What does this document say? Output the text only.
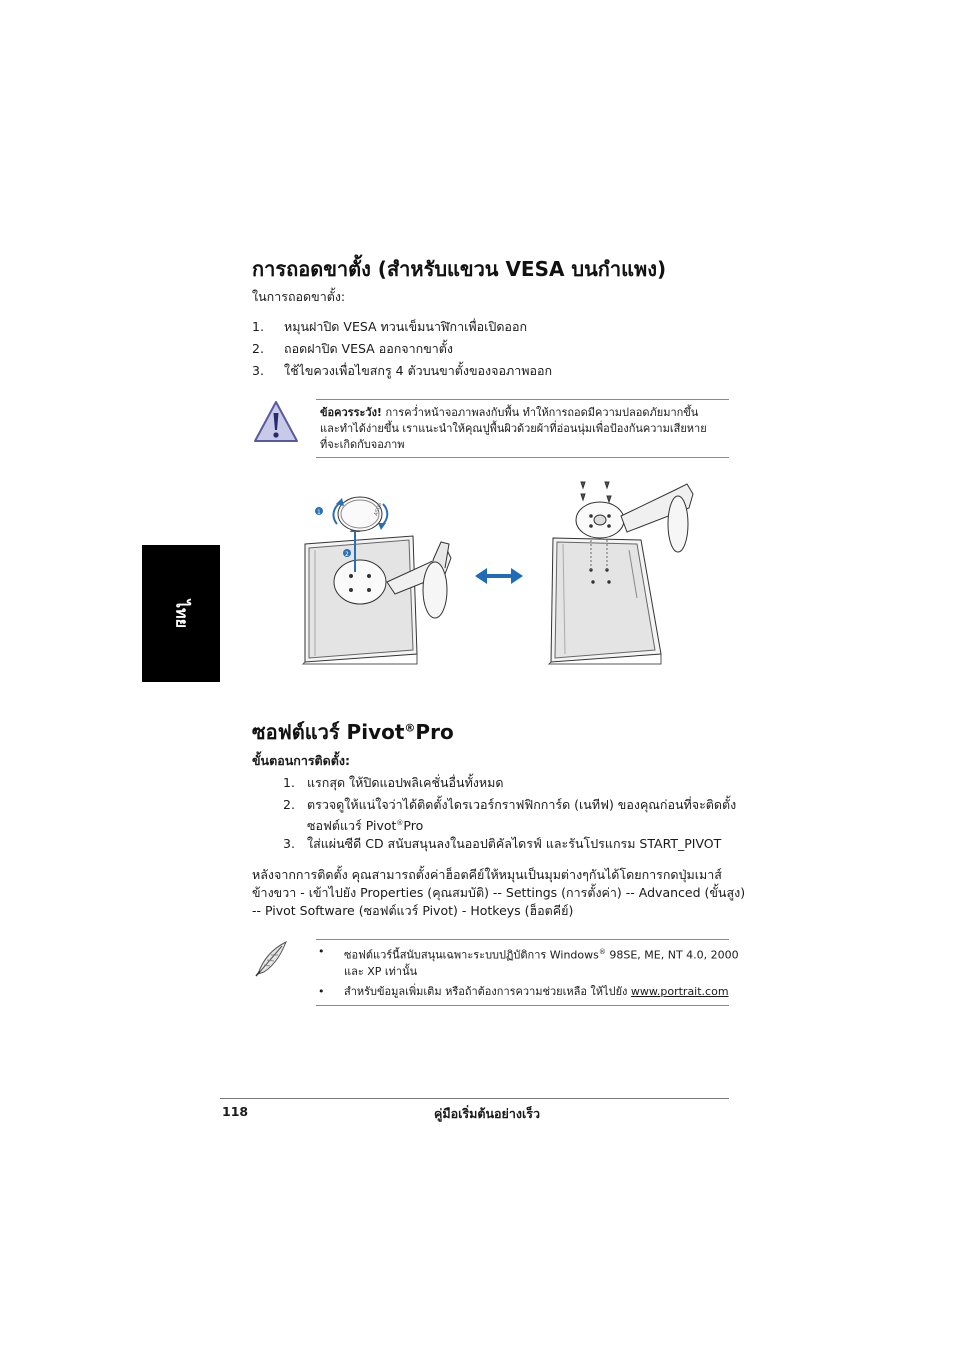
การถอดขาตั้ง (สำหรับแขวน VESA บนกำแพง)
ในการถอดขาตั้ง:
1. หมุนฝาปิด VESA ทวนเข็มนาฬิกาเพื่อเปิดออก
2. ถอดฝาปิด VESA ออกจากขาตั้ง
3. ใช้ไขควงเพื่อไขสกรู 4 ตัวบนขาตั้งของจอภาพออก
ข้อควรระวัง! การคว่ำหน้าจอภาพลงกับพื้น ทำให้การถอดมีความปลอดภัยมากขึ้น
และทำได้ง่ายขึ้น เราแนะนำให้คุณปูพื้นผิวด้วยผ้าที่อ่อนนุ่มเพื่อป้องกันความเสียหาย
ที่จะเกิดกับจอภาพ
ไทย
ASUS
1
2
ซอฟต์แวร์ Pivot®Pro
ขั้นตอนการติดตั้ง:
1. แรกสุด ให้ปิดแอปพลิเคชั่นอื่นทั้งหมด
2. ตรวจดูให้แน่ใจว่าได้ติดตั้งไดรเวอร์กราฟฟิกการ์ด (เนทีฟ) ของคุณก่อนที่จะติดตั้ง
ซอฟต์แวร์ Pivot®Pro
3. ใส่แผ่นซีดี CD สนับสนุนลงในออปติคัลไดรฟ์ และรันโปรแกรม START_PIVOT
หลังจากการติดตั้ง คุณสามารถตั้งค่าฮ็อตคีย์ให้หมุนเป็นมุมต่างๆกันได้โดยการกดปุ่มเมาส์
ข้างขวา - เข้าไปยัง Properties (คุณสมบัติ) -- Settings (การตั้งค่า) -- Advanced (ขั้นสูง)
-- Pivot Software (ซอฟต์แวร์ Pivot) - Hotkeys (ฮ็อตคีย์)
• ซอฟต์แวร์นี้สนับสนุนเฉพาะระบบปฏิบัติการ Windows® 98SE, ME, NT 4.0, 2000
และ XP เท่านั้น
• สำหรับข้อมูลเพิ่มเติม หรือถ้าต้องการความช่วยเหลือ ให้ไปยัง www.portrait.com
118	คู่มือเริ่มต้นอย่างเร็ว
